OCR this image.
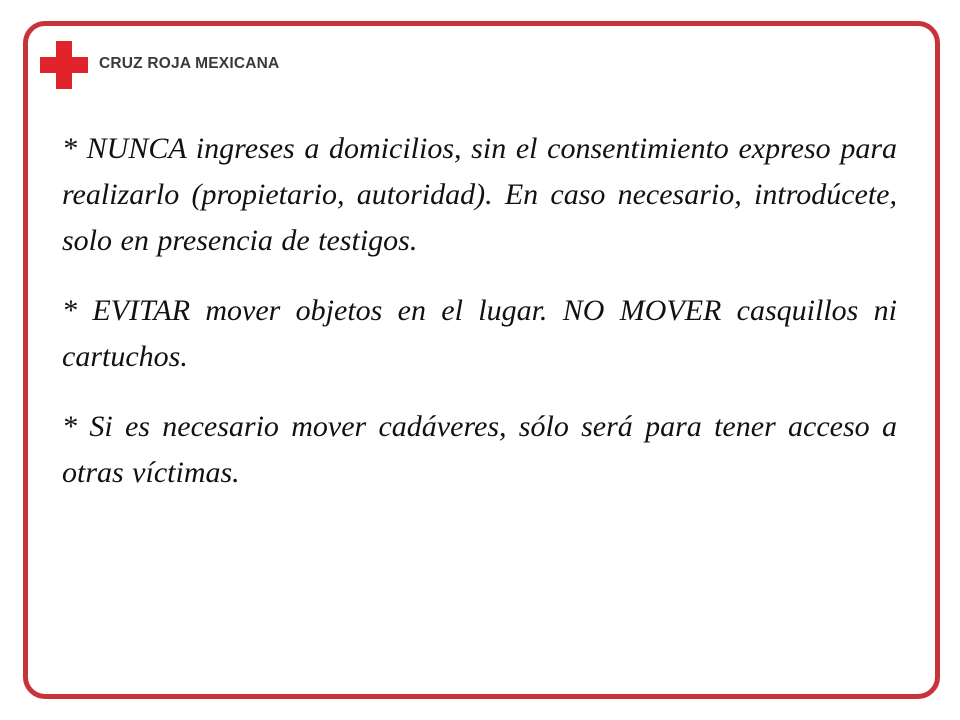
CRUZ ROJA MEXICANA

* NUNCA ingreses a domicilios, sin el consentimiento expreso para realizarlo (propietario, autoridad). En caso necesario, introdúcete, solo en presencia de testigos.

* EVITAR mover objetos en el lugar. NO MOVER casquillos ni cartuchos.

* Si es necesario mover cadáveres, sólo será para tener acceso a otras víctimas.
